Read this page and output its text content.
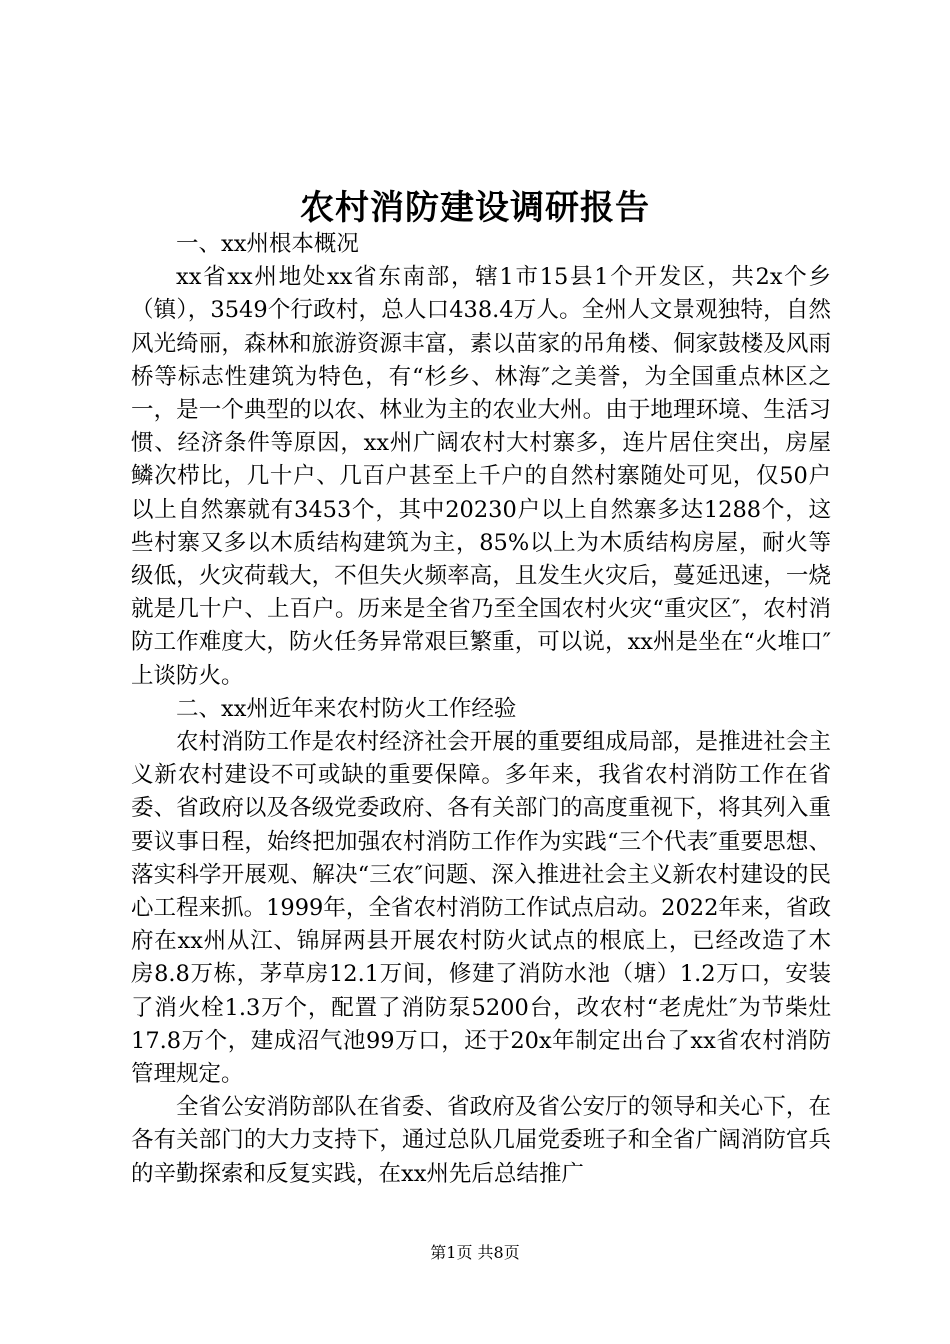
农村消防建设调研报告

一、xx州根本概况

xx省xx州地处xx省东南部，辖1市15县1个开发区，共2x个乡（镇），3549个行政村，总人口438.4万人。全州人文景观独特，自然风光绮丽，森林和旅游资源丰富，素以苗家的吊角楼、侗家鼓楼及风雨桥等标志性建筑为特色，有“杉乡、林海″之美誉，为全国重点林区之一，是一个典型的以农、林业为主的农业大州。由于地理环境、生活习惯、经济条件等原因，xx州广阔农村大村寨多，连片居住突出，房屋鳞次栉比，几十户、几百户甚至上千户的自然村寨随处可见，仅50户以上自然寨就有3453个，其中20230户以上自然寨多达1288个，这些村寨又多以木质结构建筑为主，85%以上为木质结构房屋，耐火等级低，火灾荷载大，不但失火频率高，且发生火灾后，蔓延迅速，一烧就是几十户、上百户。历来是全省乃至全国农村火灾“重灾区″，农村消防工作难度大，防火任务异常艰巨繁重，可以说，xx州是坐在“火堆口″上谈防火。

二、xx州近年来农村防火工作经验

农村消防工作是农村经济社会开展的重要组成局部，是推进社会主义新农村建设不可或缺的重要保障。多年来，我省农村消防工作在省委、省政府以及各级党委政府、各有关部门的高度重视下，将其列入重要议事日程，始终把加强农村消防工作作为实践“三个代表″重要思想、落实科学开展观、解决“三农″问题、深入推进社会主义新农村建设的民心工程来抓。1999年，全省农村消防工作试点启动。2022年来，省政府在xx州从江、锦屏两县开展农村防火试点的根底上，已经改造了木房8.8万栋，茅草房12.1万间，修建了消防水池（塘）1.2万口，安装了消火栓1.3万个，配置了消防泵5200台，改农村“老虎灶″为节柴灶17.8万个，建成沼气池99万口，还于20x年制定出台了xx省农村消防管理规定。

全省公安消防部队在省委、省政府及省公安厅的领导和关心下，在各有关部门的大力支持下，通过总队几届党委班子和全省广阔消防官兵的辛勤探索和反复实践，在xx州先后总结推广

第1页 共8页
